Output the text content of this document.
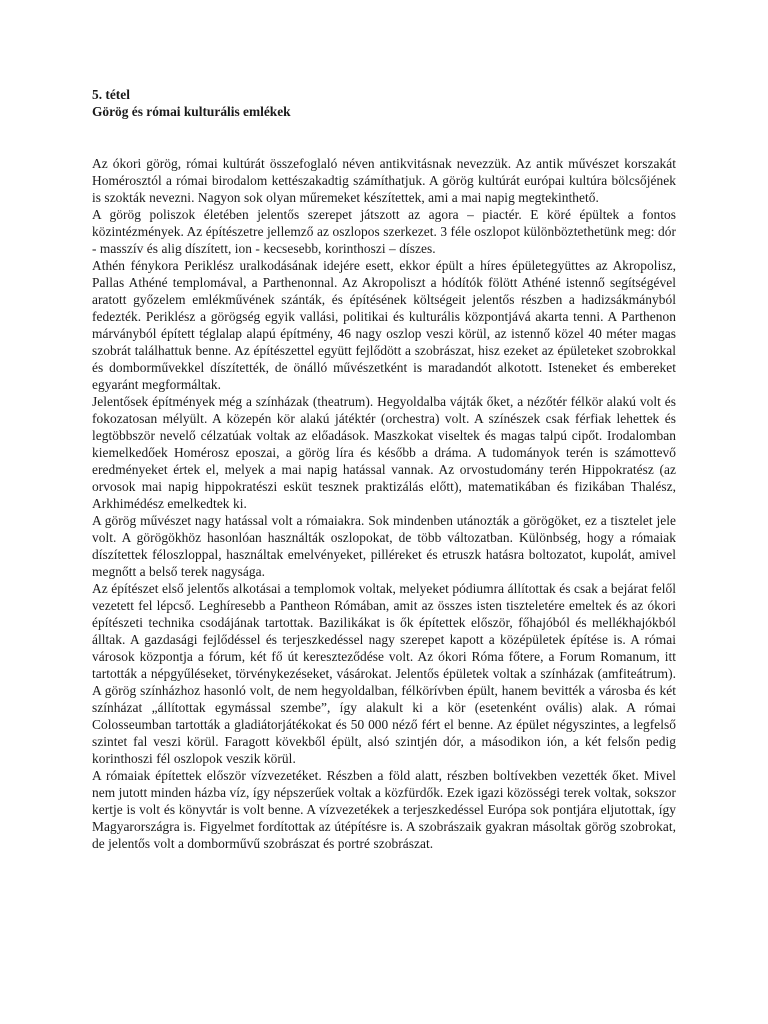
5. tétel

Görög és római kulturális emlékek

Az ókori görög, római kultúrát összefoglaló néven antikvitásnak nevezzük. Az antik művészet korszakát Homérosztól a római birodalom kettészakadtig számíthatjuk. A görög kultúrát európai kultúra bölcsőjének is szokták nevezni. Nagyon sok olyan műremeket készítettek, ami a mai napig megtekinthető.

A görög poliszok életében jelentős szerepet játszott az agora – piactér. E köré épültek a fontos közintézmények. Az építészetre jellemző az oszlopos szerkezet. 3 féle oszlopot különböztethetünk meg: dór - masszív és alig díszített, ion - kecsesebb, korinthoszi – díszes.

Athén fénykora Periklész uralkodásának idejére esett, ekkor épült a híres épületegyüttes az Akropolisz, Pallas Athéné templomával, a Parthenonnal. Az Akropoliszt a hódítók fölött Athéné istennő segítségével aratott győzelem emlékművének szánták, és építésének költségeit jelentős részben a hadizsákmányból fedezték. Periklész a görögség egyik vallási, politikai és kulturális központjává akarta tenni. A Parthenon márványból épített téglalap alapú építmény, 46 nagy oszlop veszi körül, az istennő közel 40 méter magas szobrát találhattuk benne. Az építészettel együtt fejlődött a szobrászat, hisz ezeket az épületeket szobrokkal és domborművekkel díszítették, de önálló művészetként is maradandót alkotott. Isteneket és embereket egyaránt megformáltak.

Jelentősek építmények még a színházak (theatrum). Hegyoldalba vájták őket, a nézőtér félkör alakú volt és fokozatosan mélyült. A közepén kör alakú játéktér (orchestra) volt. A színészek csak férfiak lehettek és legtöbbször nevelő célzatúak voltak az előadások. Maszkokat viseltek és magas talpú cipőt. Irodalomban kiemelkedőek Homérosz eposzai, a görög líra és később a dráma. A tudományok terén is számottevő eredményeket értek el, melyek a mai napig hatással vannak. Az orvostudomány terén Hippokratész (az orvosok mai napig hippokratészi esküt tesznek praktizálás előtt), matematikában és fizikában Thalész, Arkhimédész emelkedtek ki.

A görög művészet nagy hatással volt a rómaiakra. Sok mindenben utánozták a görögöket, ez a tisztelet jele volt. A görögökhöz hasonlóan használták oszlopokat, de több változatban. Különbség, hogy a rómaiak díszítettek féloszloppal, használtak emelvényeket, pilléreket és etruszk hatásra boltozatot, kupolát, amivel megnőtt a belső terek nagysága.

Az építészet első jelentős alkotásai a templomok voltak, melyeket pódiumra állítottak és csak a bejárat felől vezetett fel lépcső. Leghíresebb a Pantheon Rómában, amit az összes isten tiszteletére emeltek és az ókori építészeti technika csodájának tartottak. Bazilikákat is ők építettek először, főhajóból és mellékhajókból álltak. A gazdasági fejlődéssel és terjeszkedéssel nagy szerepet kapott a középületek építése is. A római városok központja a fórum, két fő út kereszteződése volt. Az ókori Róma főtere, a Forum Romanum, itt tartották a népgyűléseket, törvénykezéseket, vásárokat. Jelentős épületek voltak a színházak (amfiteátrum). A görög színházhoz hasonló volt, de nem hegyoldalban, félkörívben épült, hanem bevitték a városba és két színházat „állítottak egymással szembe”, így alakult ki a kör (esetenként ovális) alak. A római Colosseumban tartották a gladiátorjátékokat és 50 000 néző fért el benne. Az épület négyszintes, a legfelső szintet fal veszi körül. Faragott kövekből épült, alsó szintjén dór, a másodikon ión, a két felsőn pedig korinthoszi fél oszlopok veszik körül.

A rómaiak építettek először vízvezetéket. Részben a föld alatt, részben boltívekben vezették őket. Mivel nem jutott minden házba víz, így népszerűek voltak a közfürdők. Ezek igazi közösségi terek voltak, sokszor kertje is volt és könyvtár is volt benne. A vízvezetékek a terjeszkedéssel Európa sok pontjára eljutottak, így Magyarországra is. Figyelmet fordítottak az útépítésre is. A szobrászaik gyakran másoltak görög szobrokat, de jelentős volt a domborművű szobrászat és portré szobrászat.
